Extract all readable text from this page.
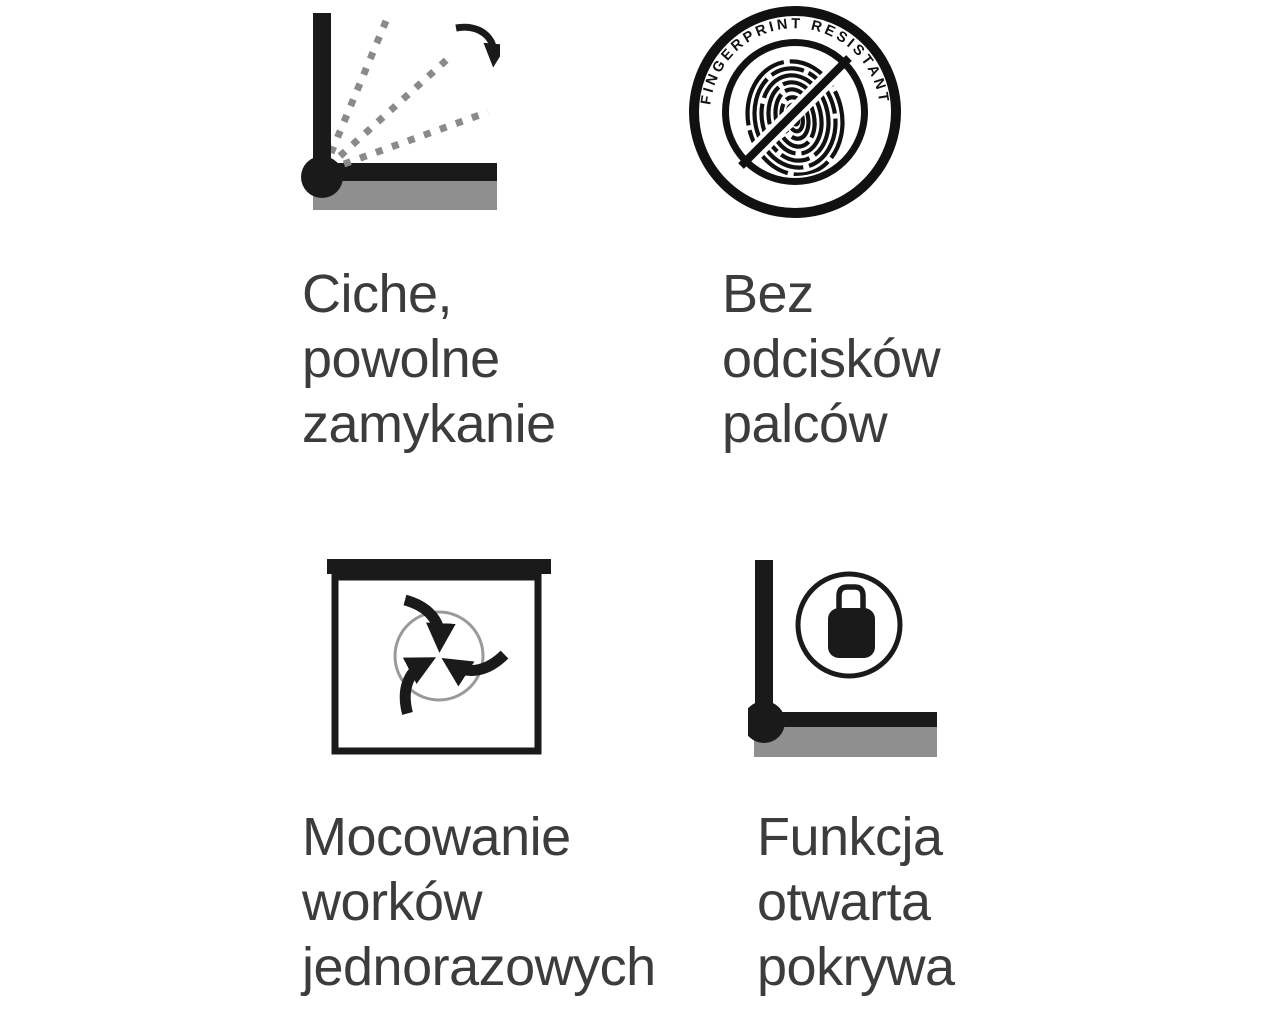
FINGERPRINT RESISTANT
Ciche,
powolne
zamykanie
Bez
odcisków
palców
Mocowanie
worków
jednorazowych
Funkcja
otwarta
pokrywa
